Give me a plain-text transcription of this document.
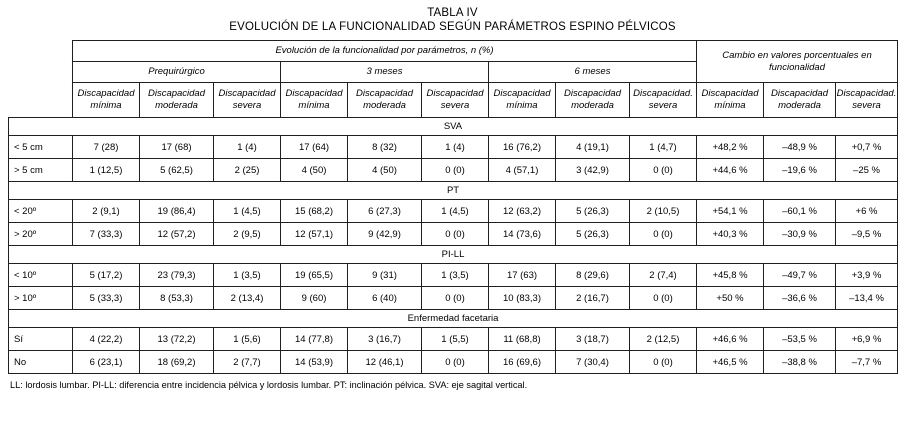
TABLA IV
EVOLUCIÓN DE LA FUNCIONALIDAD SEGÚN PARÁMETROS ESPINO PÉLVICOS
	Evolución de la funcionalidad por parámetros, n (%)									Cambio en valores porcentuales en funcionalidad		
	Prequirúrgico			3 meses			6 meses					
	Discapacidad mínima	Discapacidad moderada	Discapacidad severa	Discapacidad mínima	Discapacidad moderada	Discapacidad severa	Discapacidad mínima	Discapacidad moderada	Discapacidad. severa	Discapacidad mínima	Discapacidad moderada	Discapacidad. severa
SVA												
< 5 cm	7 (28)	17 (68)	1 (4)	17 (64)	8 (32)	1 (4)	16 (76,2)	4 (19,1)	1 (4,7)	+48,2 %	–48,9 %	+0,7 %
> 5 cm	1 (12,5)	5 (62,5)	2 (25)	4 (50)	4 (50)	0 (0)	4 (57,1)	3 (42,9)	0 (0)	+44,6 %	–19,6 %	–25 %
PT												
< 20º	2 (9,1)	19 (86,4)	1 (4,5)	15 (68,2)	6 (27,3)	1 (4,5)	12 (63,2)	5 (26,3)	2 (10,5)	+54,1 %	–60,1 %	+6 %
> 20º	7 (33,3)	12 (57,2)	2 (9,5)	12 (57,1)	9 (42,9)	0 (0)	14 (73,6)	5 (26,3)	0 (0)	+40,3 %	–30,9 %	–9,5 %
PI-LL												
< 10º	5 (17,2)	23 (79,3)	1 (3,5)	19 (65,5)	9 (31)	1 (3,5)	17 (63)	8 (29,6)	2 (7,4)	+45,8 %	–49,7 %	+3,9 %
> 10º	5 (33,3)	8 (53,3)	2 (13,4)	9 (60)	6 (40)	0 (0)	10 (83,3)	2 (16,7)	0 (0)	+50 %	–36,6 %	–13,4 %
Enfermedad facetaria												
Sí	4 (22,2)	13 (72,2)	1 (5,6)	14 (77,8)	3 (16,7)	1 (5,5)	11 (68,8)	3 (18,7)	2 (12,5)	+46,6 %	–53,5 %	+6,9 %
No	6 (23,1)	18 (69,2)	2 (7,7)	14 (53,9)	12 (46,1)	0 (0)	16 (69,6)	7 (30,4)	0 (0)	+46,5 %	–38,8 %	–7,7 %
LL: lordosis lumbar. PI-LL: diferencia entre incidencia pélvica y lordosis lumbar. PT: inclinación pélvica. SVA: eje sagital vertical.
